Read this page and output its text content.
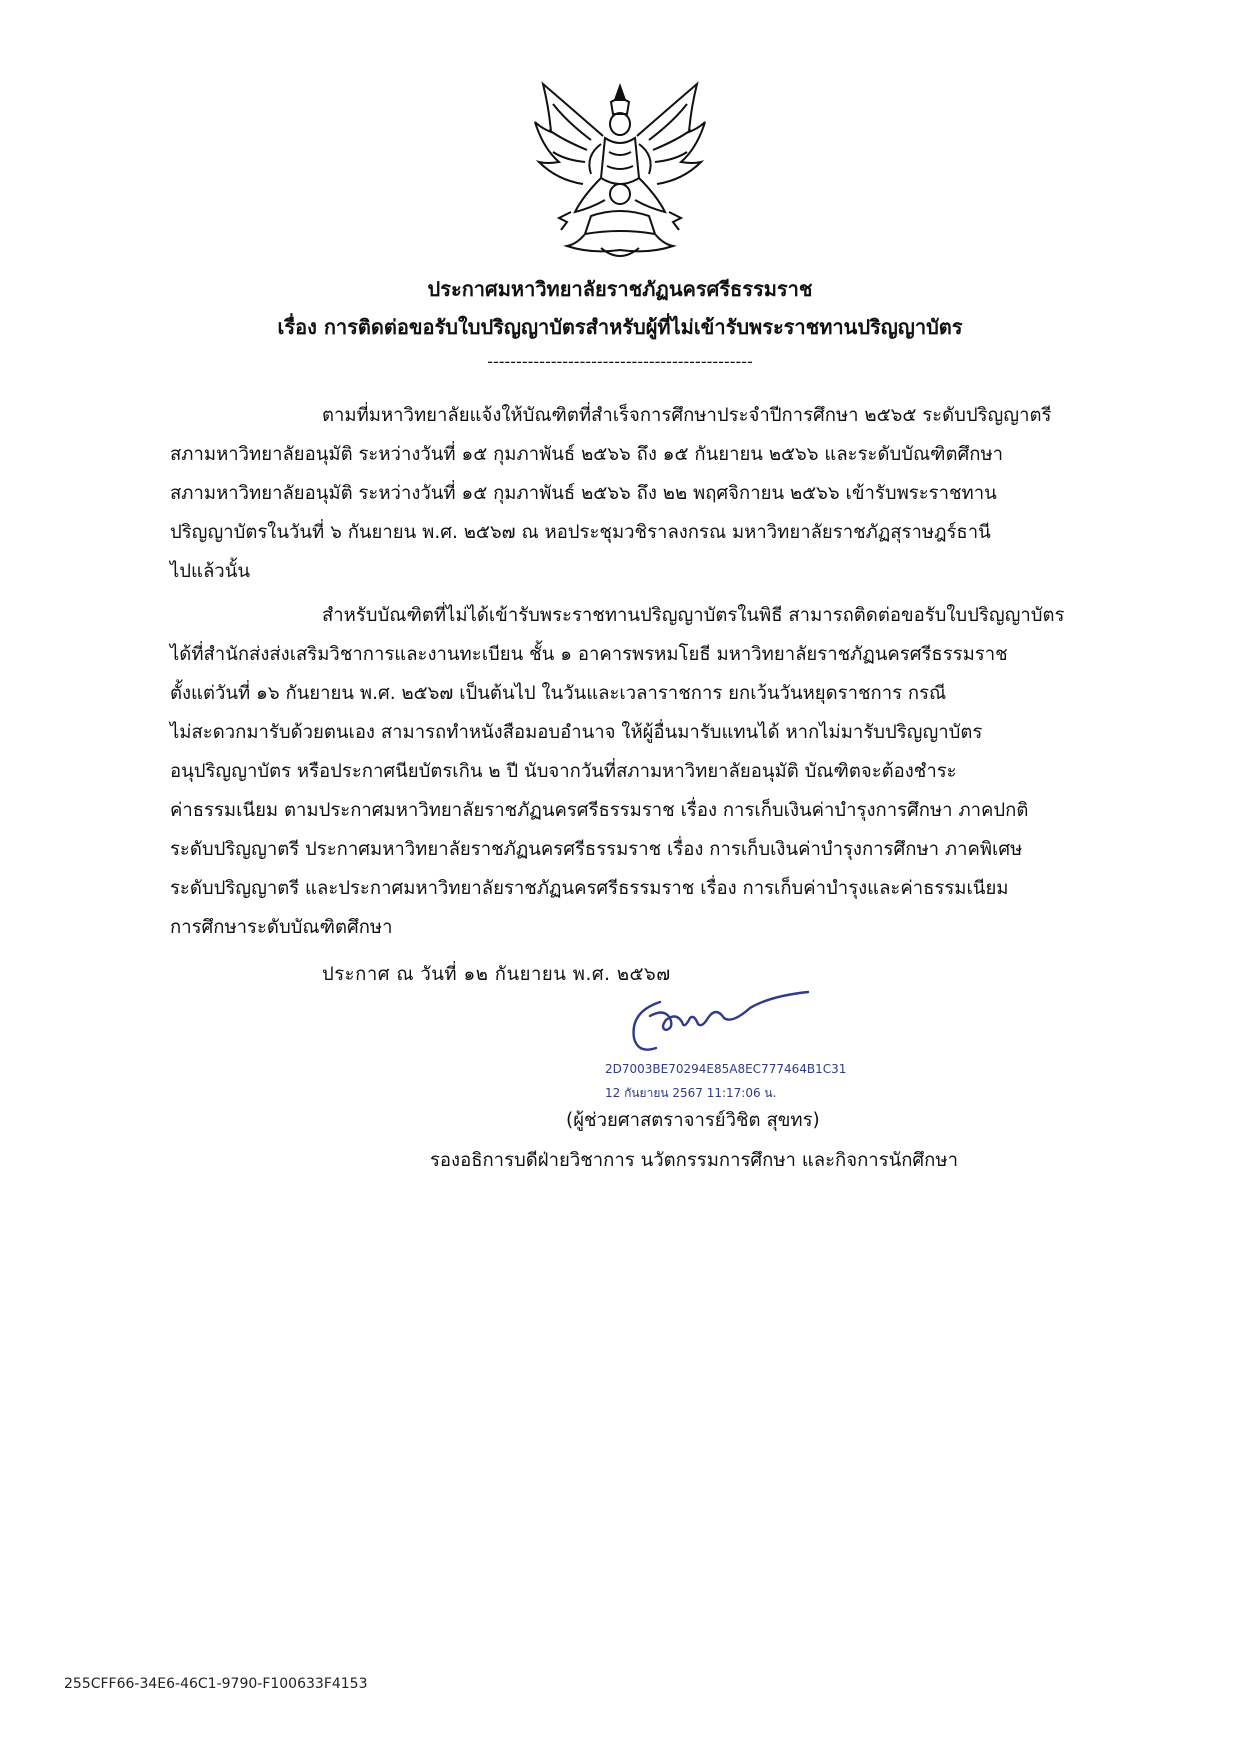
ประกาศมหาวิทยาลัยราชภัฏนครศรีธรรมราช
เรื่อง การติดต่อขอรับใบปริญญาบัตรสำหรับผู้ที่ไม่เข้ารับพระราชทานปริญญาบัตร
----------------------------------------------
ตามที่มหาวิทยาลัยแจ้งให้บัณฑิตที่สำเร็จการศึกษาประจำปีการศึกษา ๒๕๖๕ ระดับปริญญาตรี
สภามหาวิทยาลัยอนุมัติ ระหว่างวันที่ ๑๕ กุมภาพันธ์ ๒๕๖๖ ถึง ๑๕ กันยายน ๒๕๖๖ และระดับบัณฑิตศึกษา
สภามหาวิทยาลัยอนุมัติ ระหว่างวันที่ ๑๕ กุมภาพันธ์ ๒๕๖๖ ถึง ๒๒ พฤศจิกายน ๒๕๖๖ เข้ารับพระราชทาน
ปริญญาบัตรในวันที่ ๖ กันยายน พ.ศ. ๒๕๖๗ ณ หอประชุมวชิราลงกรณ มหาวิทยาลัยราชภัฏสุราษฎร์ธานี
ไปแล้วนั้น
สำหรับบัณฑิตที่ไม่ได้เข้ารับพระราชทานปริญญาบัตรในพิธี สามารถติดต่อขอรับใบปริญญาบัตร
ได้ที่สำนักส่งส่งเสริมวิชาการและงานทะเบียน ชั้น ๑ อาคารพรหมโยธี มหาวิทยาลัยราชภัฏนครศรีธรรมราช
ตั้งแต่วันที่ ๑๖ กันยายน พ.ศ. ๒๕๖๗ เป็นต้นไป ในวันและเวลาราชการ ยกเว้นวันหยุดราชการ กรณี
ไม่สะดวกมารับด้วยตนเอง สามารถทำหนังสือมอบอำนาจ ให้ผู้อื่นมารับแทนได้ หากไม่มารับปริญญาบัตร
อนุปริญญาบัตร หรือประกาศนียบัตรเกิน ๒ ปี นับจากวันที่สภามหาวิทยาลัยอนุมัติ บัณฑิตจะต้องชำระ
ค่าธรรมเนียม ตามประกาศมหาวิทยาลัยราชภัฏนครศรีธรรมราช เรื่อง การเก็บเงินค่าบำรุงการศึกษา ภาคปกติ
ระดับปริญญาตรี ประกาศมหาวิทยาลัยราชภัฏนครศรีธรรมราช เรื่อง การเก็บเงินค่าบำรุงการศึกษา ภาคพิเศษ
ระดับปริญญาตรี และประกาศมหาวิทยาลัยราชภัฏนครศรีธรรมราช เรื่อง การเก็บค่าบำรุงและค่าธรรมเนียม
การศึกษาระดับบัณฑิตศึกษา
ประกาศ ณ วันที่ ๑๒ กันยายน พ.ศ. ๒๕๖๗
2D7003BE70294E85A8EC777464B1C31
12 กันยายน 2567 11:17:06 น.
(ผู้ช่วยศาสตราจารย์วิชิต สุขทร)
รองอธิการบดีฝ่ายวิชาการ นวัตกรรมการศึกษา และกิจการนักศึกษา
255CFF66-34E6-46C1-9790-F100633F4153
